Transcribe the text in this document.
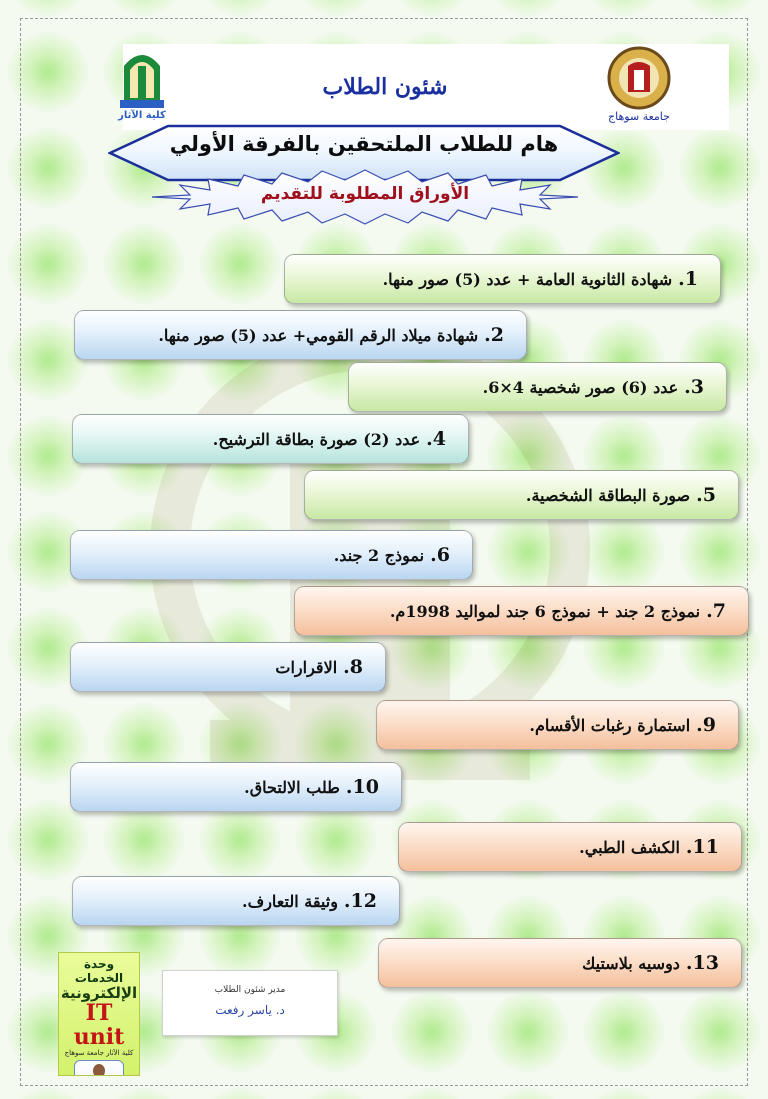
كلية الآثار	جامعة سوهاج
شئون الطلاب
هام للطلاب الملتحقين بالفرقة الأولي
الأوراق المطلوبة للتقديم
1.
شهادة الثانوية العامة + عدد (5) صور منها.
2.
شهادة ميلاد الرقم القومي+ عدد (5) صور منها.
3.
عدد (6) صور شخصية 4×6.
4.
عدد (2) صورة بطاقة الترشيح.
5.
صورة البطاقة الشخصية.
6.
نموذج 2 جند.
7.
نموذج 2 جند + نموذج 6 جند لمواليد 1998م.
8.
الاقرارات
9.
استمارة رغبات الأقسام.
10.
طلب الالتحاق.
11.
الكشف الطبي.
12.
وثيقة التعارف.
13.
دوسيه بلاستيك
وحدة الخدمات
الإلكترونية
IT unit
كلية الآثار جامعة سوهاج
مدير شئون الطلاب
د. ياسر رفعت
